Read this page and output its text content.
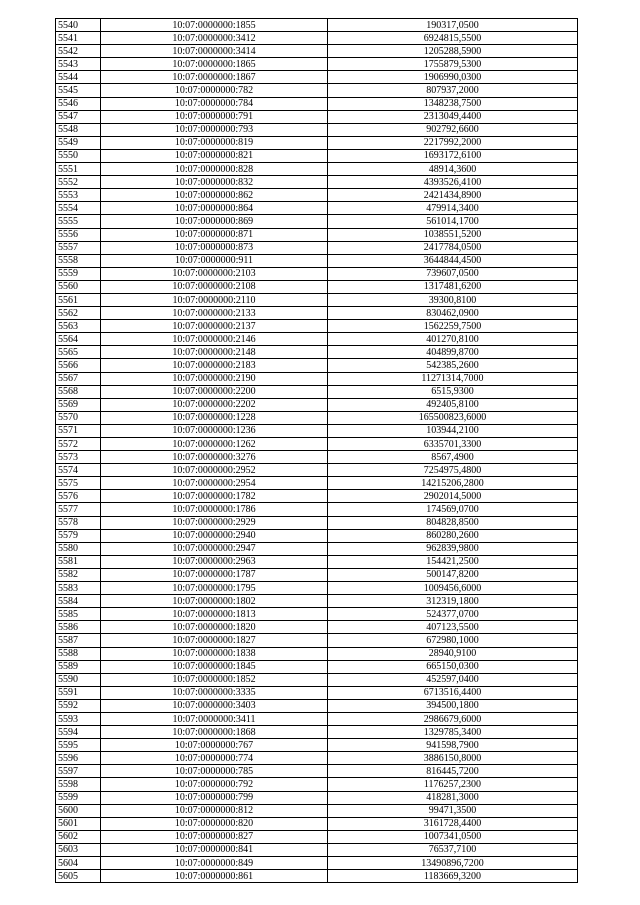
5540	10:07:0000000:1855	190317,0500
5541	10:07:0000000:3412	6924815,5500
5542	10:07:0000000:3414	1205288,5900
5543	10:07:0000000:1865	1755879,5300
5544	10:07:0000000:1867	1906990,0300
5545	10:07:0000000:782	807937,2000
5546	10:07:0000000:784	1348238,7500
5547	10:07:0000000:791	2313049,4400
5548	10:07:0000000:793	902792,6600
5549	10:07:0000000:819	2217992,2000
5550	10:07:0000000:821	1693172,6100
5551	10:07:0000000:828	48914,3600
5552	10:07:0000000:832	4393526,4100
5553	10:07:0000000:862	2421434,8900
5554	10:07:0000000:864	479914,3400
5555	10:07:0000000:869	561014,1700
5556	10:07:0000000:871	1038551,5200
5557	10:07:0000000:873	2417784,0500
5558	10:07:0000000:911	3644844,4500
5559	10:07:0000000:2103	739607,0500
5560	10:07:0000000:2108	1317481,6200
5561	10:07:0000000:2110	39300,8100
5562	10:07:0000000:2133	830462,0900
5563	10:07:0000000:2137	1562259,7500
5564	10:07:0000000:2146	401270,8100
5565	10:07:0000000:2148	404899,8700
5566	10:07:0000000:2183	542385,2600
5567	10:07:0000000:2190	11271314,7000
5568	10:07:0000000:2200	6515,9300
5569	10:07:0000000:2202	492405,8100
5570	10:07:0000000:1228	165500823,6000
5571	10:07:0000000:1236	103944,2100
5572	10:07:0000000:1262	6335701,3300
5573	10:07:0000000:3276	8567,4900
5574	10:07:0000000:2952	7254975,4800
5575	10:07:0000000:2954	14215206,2800
5576	10:07:0000000:1782	2902014,5000
5577	10:07:0000000:1786	174569,0700
5578	10:07:0000000:2929	804828,8500
5579	10:07:0000000:2940	860280,2600
5580	10:07:0000000:2947	962839,9800
5581	10:07:0000000:2963	154421,2500
5582	10:07:0000000:1787	500147,8200
5583	10:07:0000000:1795	1009456,6000
5584	10:07:0000000:1802	312319,1800
5585	10:07:0000000:1813	524377,0700
5586	10:07:0000000:1820	407123,5500
5587	10:07:0000000:1827	672980,1000
5588	10:07:0000000:1838	28940,9100
5589	10:07:0000000:1845	665150,0300
5590	10:07:0000000:1852	452597,0400
5591	10:07:0000000:3335	6713516,4400
5592	10:07:0000000:3403	394500,1800
5593	10:07:0000000:3411	2986679,6000
5594	10:07:0000000:1868	1329785,3400
5595	10:07:0000000:767	941598,7900
5596	10:07:0000000:774	3886150,8000
5597	10:07:0000000:785	816445,7200
5598	10:07:0000000:792	1176257,2300
5599	10:07:0000000:799	418281,3000
5600	10:07:0000000:812	99471,3500
5601	10:07:0000000:820	3161728,4400
5602	10:07:0000000:827	1007341,0500
5603	10:07:0000000:841	76537,7100
5604	10:07:0000000:849	13490896,7200
5605	10:07:0000000:861	1183669,3200
